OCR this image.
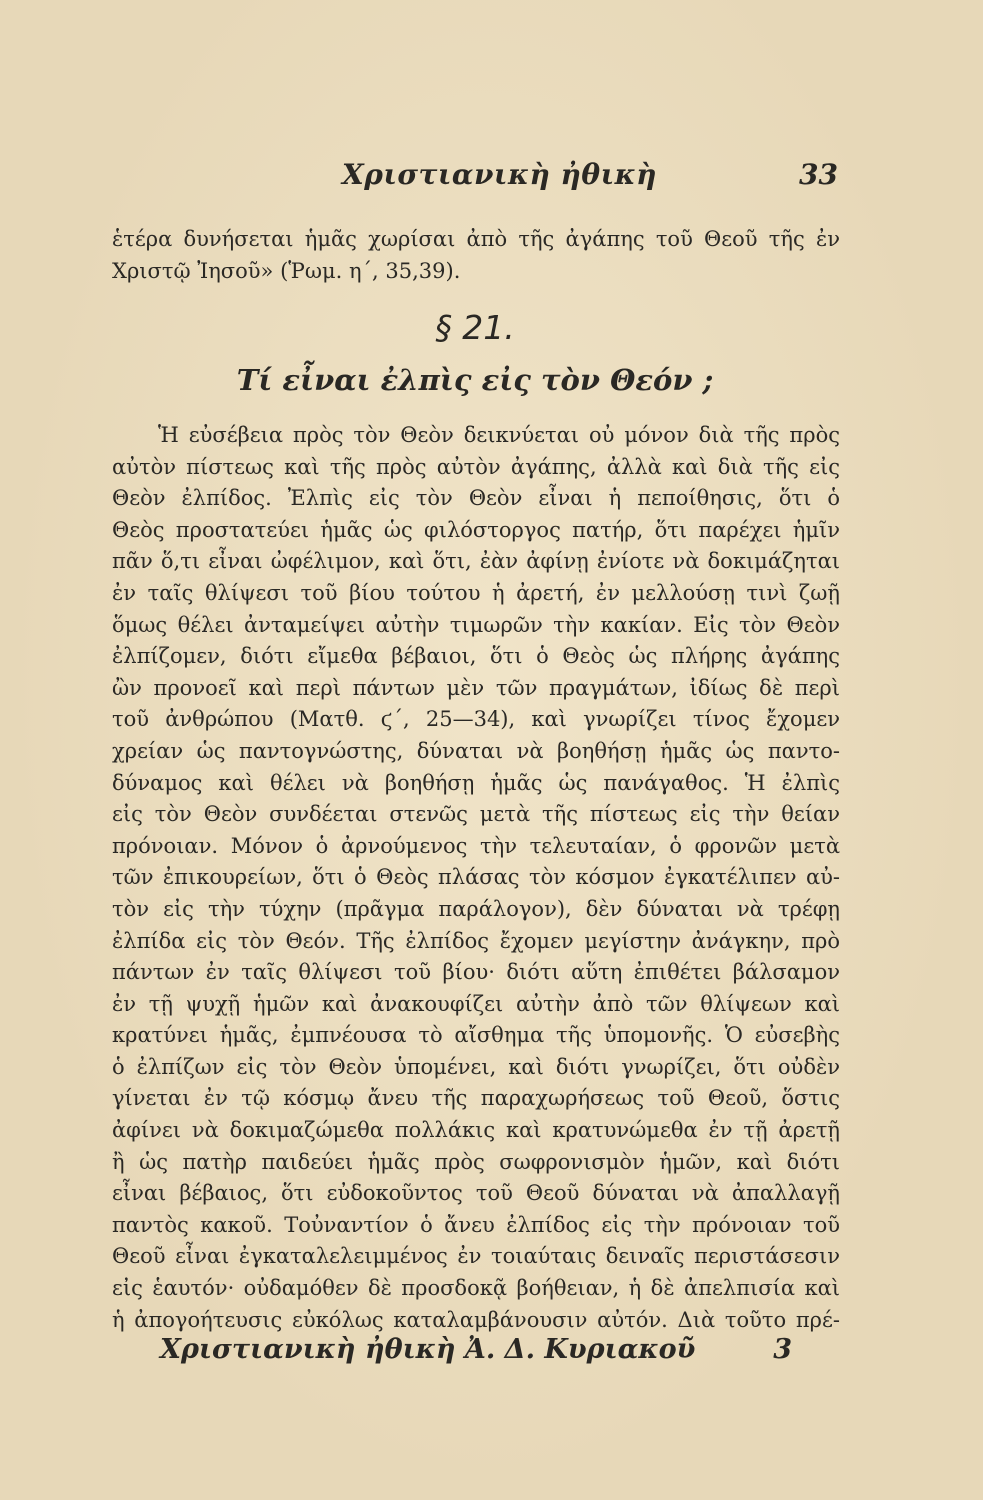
Χριστιανικὴ ἠθικὴ	33
ἑτέρα δυνήσεται ἡμᾶς χωρίσαι ἀπὸ τῆς ἀγάπης τοῦ Θεοῦ τῆς ἐν
Χριστῷ Ἰησοῦ» (Ῥωμ. η´, 35,39).
§ 21.
Τί εἶναι ἐλπὶς εἰς τὸν Θεόν ;
Ἡ εὐσέβεια πρὸς τὸν Θεὸν δεικνύεται οὐ μόνον διὰ τῆς πρὸς
αὐτὸν πίστεως καὶ τῆς πρὸς αὐτὸν ἀγάπης, ἀλλὰ καὶ διὰ τῆς εἰς
Θεὸν ἐλπίδος. Ἐλπὶς εἰς τὸν Θεὸν εἶναι ἡ πεποίθησις, ὅτι ὁ
Θεὸς προστατεύει ἡμᾶς ὡς φιλόστοργος πατήρ, ὅτι παρέχει ἡμῖν
πᾶν ὅ,τι εἶναι ὠφέλιμον, καὶ ὅτι, ἐὰν ἀφίνῃ ἐνίοτε νὰ δοκιμάζηται
ἐν ταῖς θλίψεσι τοῦ βίου τούτου ἡ ἀρετή, ἐν μελλούσῃ τινὶ ζωῇ
ὅμως θέλει ἀνταμείψει αὐτὴν τιμωρῶν τὴν κακίαν. Εἰς τὸν Θεὸν
ἐλπίζομεν, διότι εἴμεθα βέβαιοι, ὅτι ὁ Θεὸς ὡς πλήρης ἀγάπης
ὢν προνοεῖ καὶ περὶ πάντων μὲν τῶν πραγμάτων, ἰδίως δὲ περὶ
τοῦ ἀνθρώπου (Ματθ. ϛ´, 25—34), καὶ γνωρίζει τίνος ἔχομεν
χρείαν ὡς παντογνώστης, δύναται νὰ βοηθήσῃ ἡμᾶς ὡς παντο-
δύναμος καὶ θέλει νὰ βοηθήσῃ ἡμᾶς ὡς πανάγαθος. Ἡ ἐλπὶς
εἰς τὸν Θεὸν συνδέεται στενῶς μετὰ τῆς πίστεως εἰς τὴν θείαν
πρόνοιαν. Μόνον ὁ ἀρνούμενος τὴν τελευταίαν, ὁ φρονῶν μετὰ
τῶν ἐπικουρείων, ὅτι ὁ Θεὸς πλάσας τὸν κόσμον ἐγκατέλιπεν αὐ-
τὸν εἰς τὴν τύχην (πρᾶγμα παράλογον), δὲν δύναται νὰ τρέφῃ
ἐλπίδα εἰς τὸν Θεόν. Τῆς ἐλπίδος ἔχομεν μεγίστην ἀνάγκην, πρὸ
πάντων ἐν ταῖς θλίψεσι τοῦ βίου· διότι αὕτη ἐπιθέτει βάλσαμον
ἐν τῇ ψυχῇ ἡμῶν καὶ ἀνακουφίζει αὐτὴν ἀπὸ τῶν θλίψεων καὶ
κρατύνει ἡμᾶς, ἐμπνέουσα τὸ αἴσθημα τῆς ὑπομονῆς. Ὁ εὐσεβὴς
ὁ ἐλπίζων εἰς τὸν Θεὸν ὑπομένει, καὶ διότι γνωρίζει, ὅτι οὐδὲν
γίνεται ἐν τῷ κόσμῳ ἄνευ τῆς παραχωρήσεως τοῦ Θεοῦ, ὅστις
ἀφίνει νὰ δοκιμαζώμεθα πολλάκις καὶ κρατυνώμεθα ἐν τῇ ἀρετῇ
ἢ ὡς πατὴρ παιδεύει ἡμᾶς πρὸς σωφρονισμὸν ἡμῶν, καὶ διότι
εἶναι βέβαιος, ὅτι εὐδοκοῦντος τοῦ Θεοῦ δύναται νὰ ἀπαλλαγῇ
παντὸς κακοῦ. Τοὐναντίον ὁ ἄνευ ἐλπίδος εἰς τὴν πρόνοιαν τοῦ
Θεοῦ εἶναι ἐγκαταλελειμμένος ἐν τοιαύταις δειναῖς περιστάσεσιν
εἰς ἑαυτόν· οὐδαμόθεν δὲ προσδοκᾷ βοήθειαν, ἡ δὲ ἀπελπισία καὶ
ἡ ἀπογοήτευσις εὐκόλως καταλαμβάνουσιν αὐτόν. Διὰ τοῦτο πρέ-
Χριστιανικὴ ἠθικὴ Ἀ. Δ. Κυριακοῦ	3
